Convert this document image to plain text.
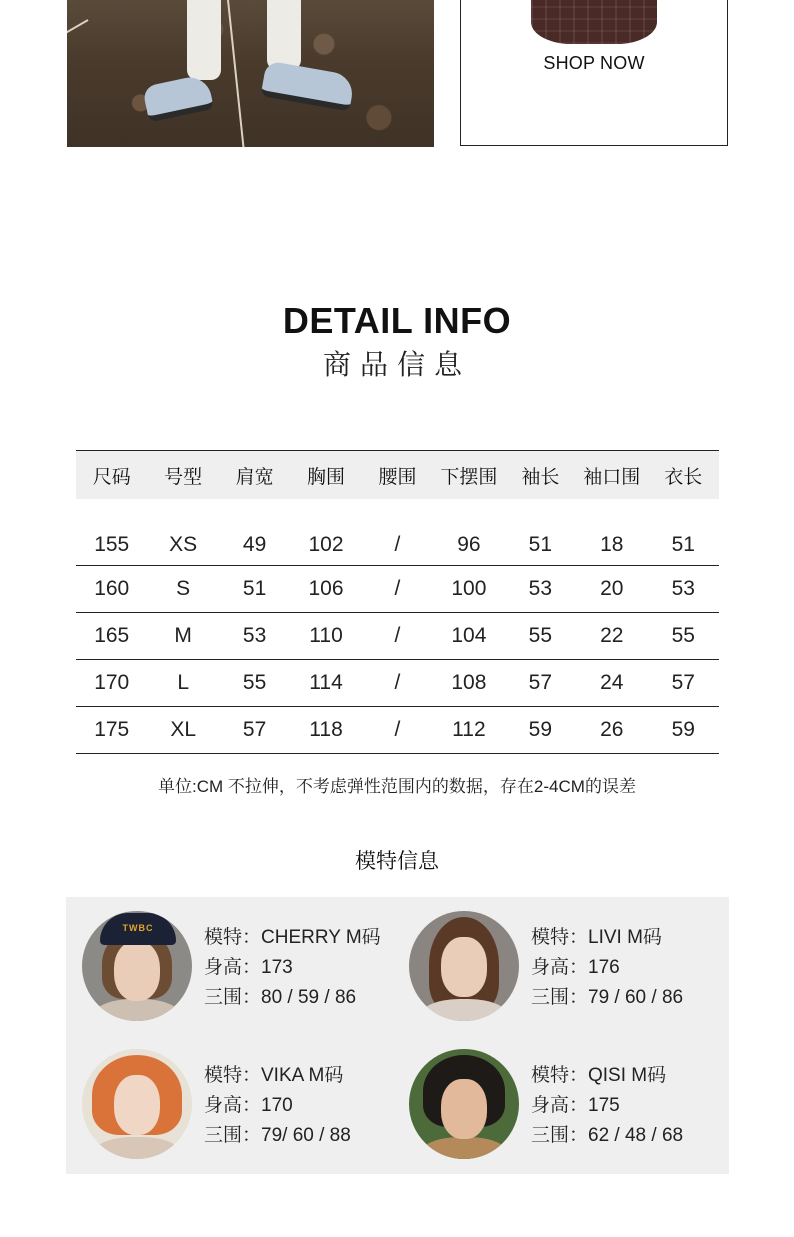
SHOP NOW
DETAIL INFO
商品信息
尺码	号型	肩宽	胸围	腰围	下摆围	袖长	袖口围	衣长
155	XS	49	102	/	96	51	18	51
160	S	51	106	/	100	53	20	53
165	M	53	110	/	104	55	22	55
170	L	55	114	/	108	57	24	57
175	XL	57	118	/	112	59	26	59
单位:CM 不拉伸，不考虑弹性范围内的数据，存在2-4CM的误差
模特信息
TWBC	模特：CHERRY M码
身高：173
三围：80 / 59 / 86
模特：LIVI M码
身高：176
三围：79 / 60 / 86
模特：VIKA M码
身高：170
三围：79/ 60 / 88
模特：QISI M码
身高：175
三围：62 / 48 / 68
